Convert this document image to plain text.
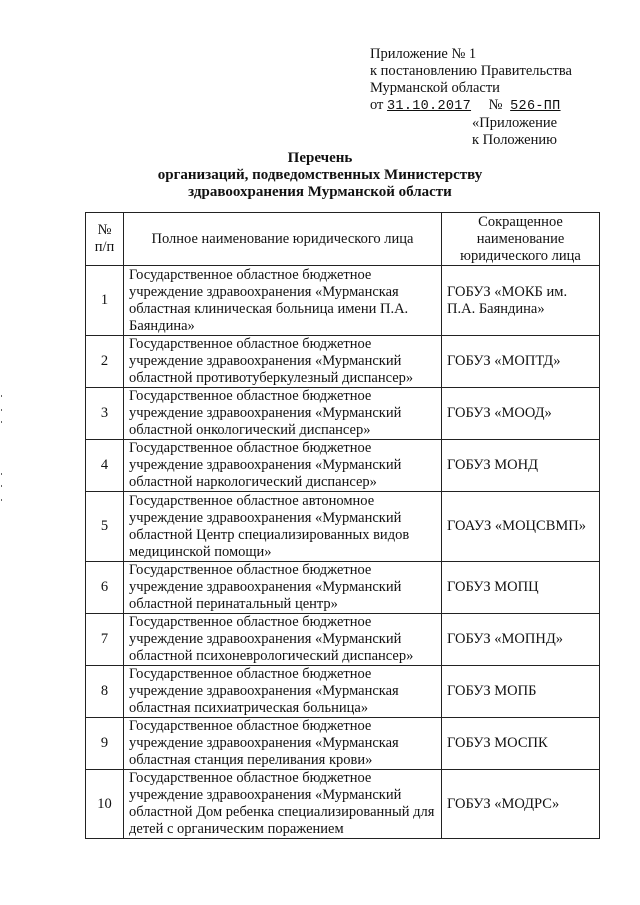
Приложение № 1
к постановлению Правительства
Мурманской области
от 31.10.2017 № 526-ПП
«Приложение
к Положению
Перечень
организаций, подведомственных Министерству
здравоохранения Мурманской области
№ п/п	Полное наименование юридического лица	Сокращенное наименование юридического лица
1	Государственное областное бюджетное учреждение здравоохранения «Мурманская областная клиническая больница имени П.А. Баяндина»	ГОБУЗ «МОКБ им. П.А. Баяндина»
2	Государственное областное бюджетное учреждение здравоохранения «Мурманский областной противотуберкулезный диспансер»	ГОБУЗ «МОПТД»
3	Государственное областное бюджетное учреждение здравоохранения «Мурманский областной онкологический диспансер»	ГОБУЗ «МООД»
4	Государственное областное бюджетное учреждение здравоохранения «Мурманский областной наркологический диспансер»	ГОБУЗ МОНД
5	Государственное областное автономное учреждение здравоохранения «Мурманский областной Центр специализированных видов медицинской помощи»	ГОАУЗ «МОЦСВМП»
6	Государственное областное бюджетное учреждение здравоохранения «Мурманский областной перинатальный центр»	ГОБУЗ МОПЦ
7	Государственное областное бюджетное учреждение здравоохранения «Мурманский областной психоневрологический диспансер»	ГОБУЗ «МОПНД»
8	Государственное областное бюджетное учреждение здравоохранения «Мурманская областная психиатрическая больница»	ГОБУЗ МОПБ
9	Государственное областное бюджетное учреждение здравоохранения «Мурманская областная станция переливания крови»	ГОБУЗ МОСПК
10	Государственное областное бюджетное учреждение здравоохранения «Мурманский областной Дом ребенка специализированный для детей с органическим поражением	ГОБУЗ «МОДРС»
